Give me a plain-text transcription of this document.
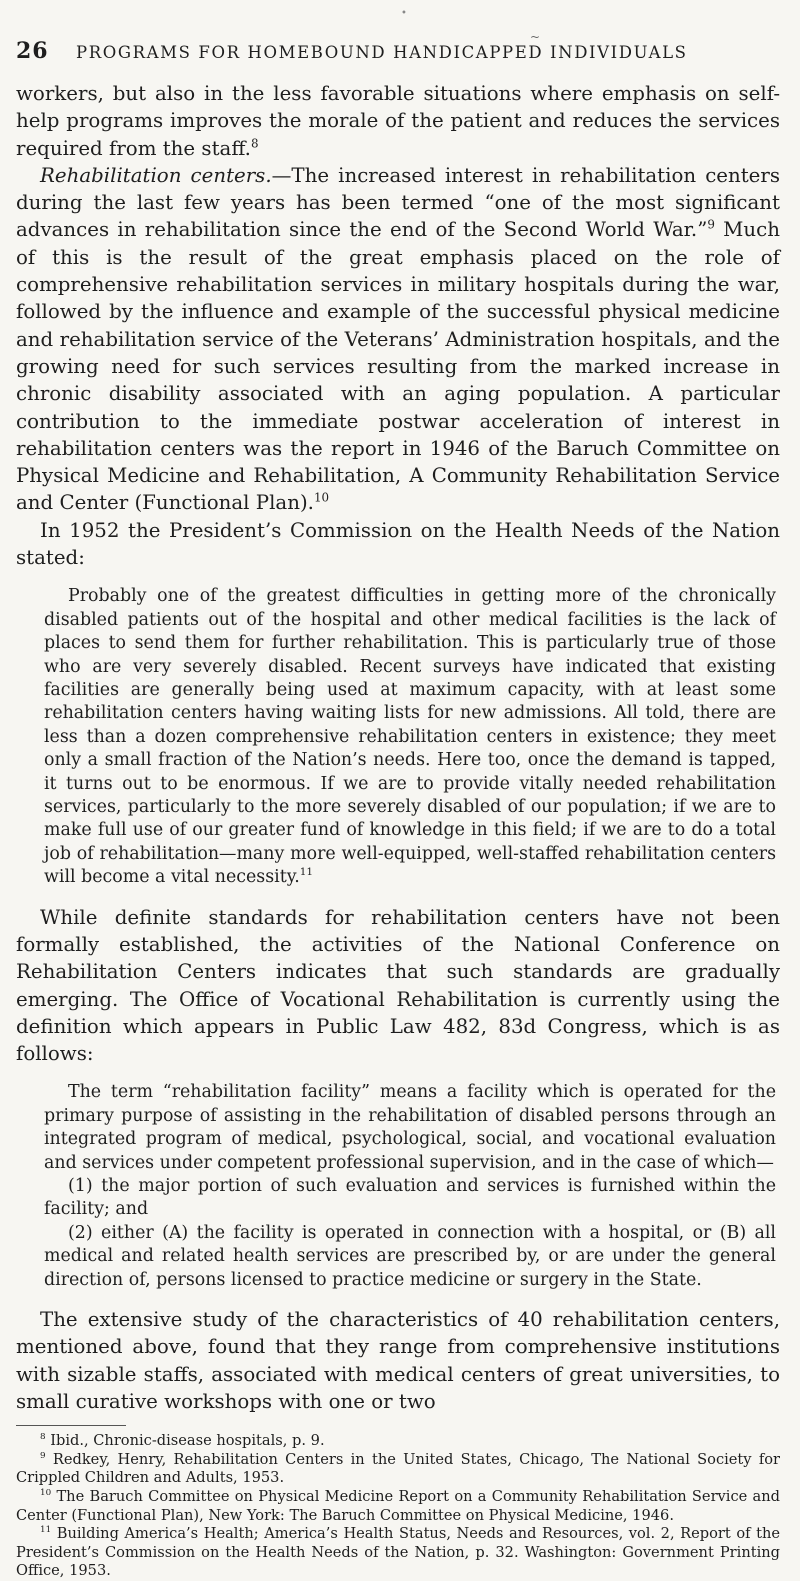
•
~
26 PROGRAMS FOR HOMEBOUND HANDICAPPED INDIVIDUALS

workers, but also in the less favorable situations where emphasis on self-help programs improves the morale of the patient and reduces the services required from the staff.$^8$

Rehabilitation centers.—The increased interest in rehabilitation centers during the last few years has been termed “one of the most significant advances in rehabilitation since the end of the Second World War.”$^9$ Much of this is the result of the great emphasis placed on the role of comprehensive rehabilitation services in military hospitals during the war, followed by the influence and example of the successful physical medicine and rehabilitation service of the Veterans’ Administration hospitals, and the growing need for such services resulting from the marked increase in chronic disability associated with an aging population. A particular contribution to the immediate postwar acceleration of interest in rehabilitation centers was the report in 1946 of the Baruch Committee on Physical Medicine and Rehabilitation, A Community Rehabilitation Service and Center (Functional Plan).$^{10}$

In 1952 the President’s Commission on the Health Needs of the Nation stated:

Probably one of the greatest difficulties in getting more of the chronically disabled patients out of the hospital and other medical facilities is the lack of places to send them for further rehabilitation. This is particularly true of those who are very severely disabled. Recent surveys have indicated that existing facilities are generally being used at maximum capacity, with at least some rehabilitation centers having waiting lists for new admissions. All told, there are less than a dozen comprehensive rehabilitation centers in existence; they meet only a small fraction of the Nation’s needs. Here too, once the demand is tapped, it turns out to be enormous. If we are to provide vitally needed rehabilitation services, particularly to the more severely disabled of our population; if we are to make full use of our greater fund of knowledge in this field; if we are to do a total job of rehabilitation—many more well-equipped, well-staffed rehabilitation centers will become a vital necessity.$^{11}$

While definite standards for rehabilitation centers have not been formally established, the activities of the National Conference on Rehabilitation Centers indicates that such standards are gradually emerging. The Office of Vocational Rehabilitation is currently using the definition which appears in Public Law 482, 83d Congress, which is as follows:

The term “rehabilitation facility” means a facility which is operated for the primary purpose of assisting in the rehabilitation of disabled persons through an integrated program of medical, psychological, social, and vocational evaluation and services under competent professional supervision, and in the case of which—

(1) the major portion of such evaluation and services is furnished within the facility; and

(2) either (A) the facility is operated in connection with a hospital, or (B) all medical and related health services are prescribed by, or are under the general direction of, persons licensed to practice medicine or surgery in the State.

The extensive study of the characteristics of 40 rehabilitation centers, mentioned above, found that they range from comprehensive institutions with sizable staffs, associated with medical centers of great universities, to small curative workshops with one or two

$^8$ Ibid., Chronic-disease hospitals, p. 9.

$^9$ Redkey, Henry, Rehabilitation Centers in the United States, Chicago, The National Society for Crippled Children and Adults, 1953.

$^{10}$ The Baruch Committee on Physical Medicine Report on a Community Rehabilitation Service and Center (Functional Plan), New York: The Baruch Committee on Physical Medicine, 1946.

$^{11}$ Building America’s Health; America’s Health Status, Needs and Resources, vol. 2, Report of the President’s Commission on the Health Needs of the Nation, p. 32. Washington: Government Printing Office, 1953.
